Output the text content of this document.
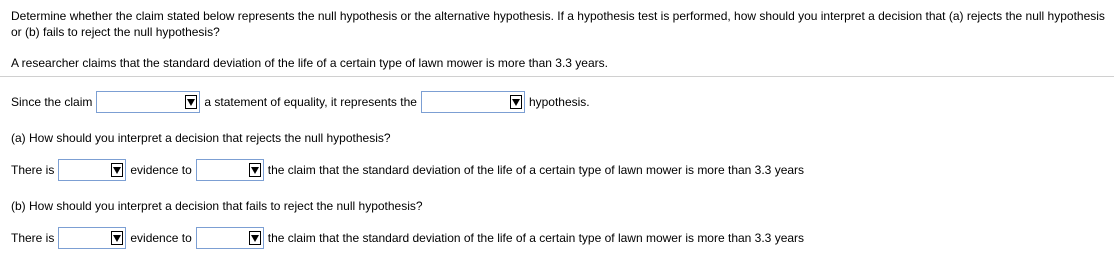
Determine whether the claim stated below represents the null hypothesis or the alternative hypothesis. If a hypothesis test is performed, how should you interpret a decision that (a) rejects the null hypothesis or (b) fails to reject the null hypothesis?
A researcher claims that the standard deviation of the life of a certain type of lawn mower is more than 3.3 years.
Since the claim	a statement of equality, it represents the	hypothesis.
(a) How should you interpret a decision that rejects the null hypothesis?
There is	evidence to	the claim that the standard deviation of the life of a certain type of lawn mower is more than 3.3 years
(b) How should you interpret a decision that fails to reject the null hypothesis?
There is	evidence to	the claim that the standard deviation of the life of a certain type of lawn mower is more than 3.3 years
